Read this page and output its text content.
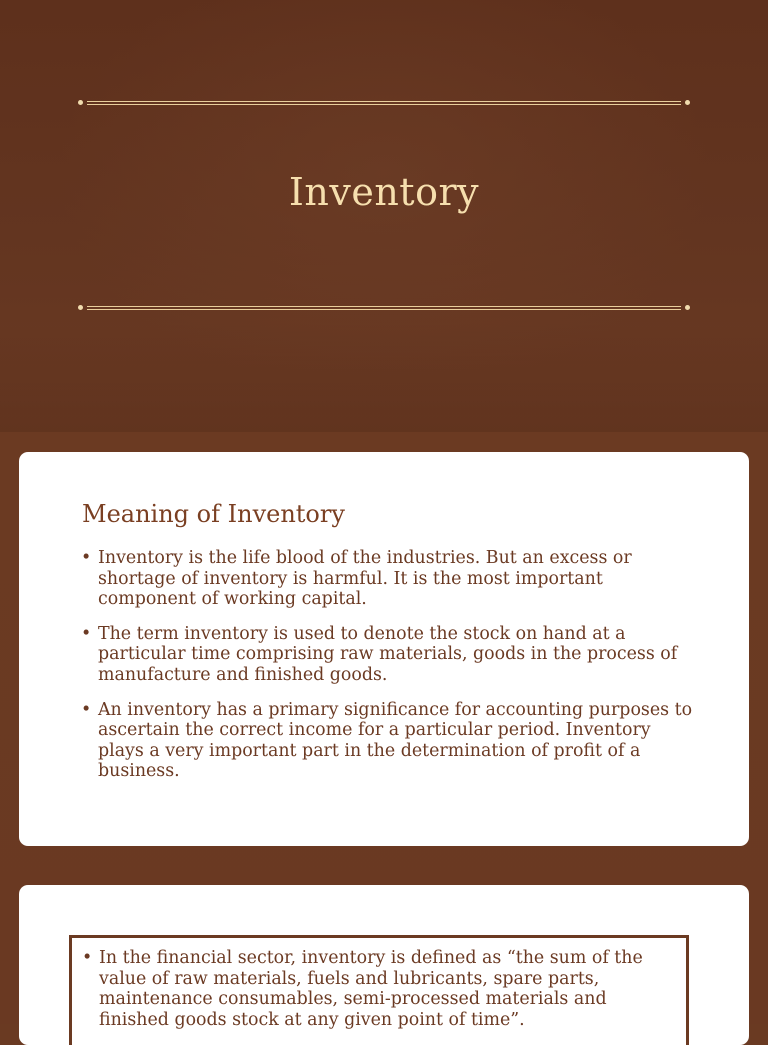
Inventory
Meaning of Inventory
• Inventory is the life blood of the industries. But an excess or shortage of inventory is harmful. It is the most important component of working capital.
• The term inventory is used to denote the stock on hand at a particular time comprising raw materials, goods in the process of manufacture and finished goods.
• An inventory has a primary significance for accounting purposes to ascertain the correct income for a particular period. Inventory plays a very important part in the determination of profit of a business.
• In the financial sector, inventory is defined as “the sum of the value of raw materials, fuels and lubricants, spare parts, maintenance consumables, semi-processed materials and finished goods stock at any given point of time”.
